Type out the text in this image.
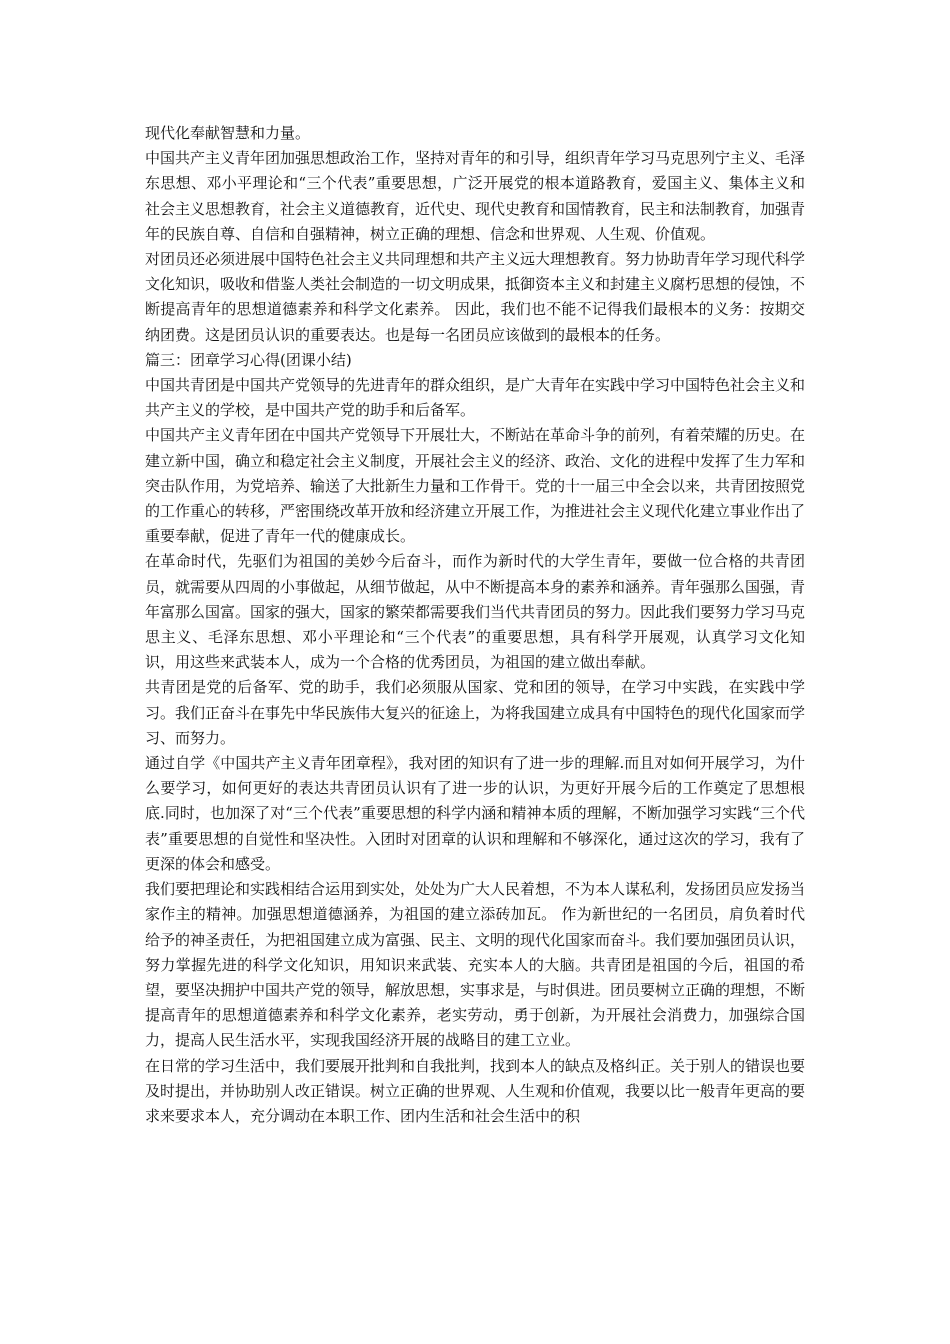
现代化奉献智慧和力量。

中国共产主义青年团加强思想政治工作，坚持对青年的和引导，组织青年学习马克思列宁主义、毛泽东思想、邓小平理论和“三个代表”重要思想，广泛开展党的根本道路教育，爱国主义、集体主义和社会主义思想教育，社会主义道德教育，近代史、现代史教育和国情教育，民主和法制教育，加强青年的民族自尊、自信和自强精神，树立正确的理想、信念和世界观、人生观、价值观。

对团员还必须进展中国特色社会主义共同理想和共产主义远大理想教育。努力协助青年学习现代科学文化知识，吸收和借鉴人类社会制造的一切文明成果，抵御资本主义和封建主义腐朽思想的侵蚀，不断提高青年的思想道德素养和科学文化素养。 因此，我们也不能不记得我们最根本的义务：按期交纳团费。这是团员认识的重要表达。也是每一名团员应该做到的最根本的任务。

篇三：团章学习心得(团课小结)

中国共青团是中国共产党领导的先进青年的群众组织，是广大青年在实践中学习中国特色社会主义和共产主义的学校，是中国共产党的助手和后备军。

中国共产主义青年团在中国共产党领导下开展壮大，不断站在革命斗争的前列，有着荣耀的历史。在建立新中国，确立和稳定社会主义制度，开展社会主义的经济、政治、文化的进程中发挥了生力军和突击队作用，为党培养、输送了大批新生力量和工作骨干。党的十一届三中全会以来，共青团按照党的工作重心的转移，严密围绕改革开放和经济建立开展工作，为推进社会主义现代化建立事业作出了重要奉献，促进了青年一代的健康成长。

在革命时代，先驱们为祖国的美妙今后奋斗，而作为新时代的大学生青年，要做一位合格的共青团员，就需要从四周的小事做起，从细节做起，从中不断提高本身的素养和涵养。青年强那么国强，青年富那么国富。国家的强大，国家的繁荣都需要我们当代共青团员的努力。因此我们要努力学习马克思主义、毛泽东思想、邓小平理论和“三个代表”的重要思想，具有科学开展观，认真学习文化知识，用这些来武装本人，成为一个合格的优秀团员，为祖国的建立做出奉献。

共青团是党的后备军、党的助手，我们必须服从国家、党和团的领导，在学习中实践，在实践中学习。我们正奋斗在事先中华民族伟大复兴的征途上，为将我国建立成具有中国特色的现代化国家而学习、而努力。

通过自学《中国共产主义青年团章程》，我对团的知识有了进一步的理解.而且对如何开展学习，为什么要学习，如何更好的表达共青团员认识有了进一步的认识，为更好开展今后的工作奠定了思想根底.同时，也加深了对“三个代表”重要思想的科学内涵和精神本质的理解，不断加强学习实践“三个代表”重要思想的自觉性和坚决性。入团时对团章的认识和理解和不够深化，通过这次的学习，我有了更深的体会和感受。

我们要把理论和实践相结合运用到实处，处处为广大人民着想，不为本人谋私利，发扬团员应发扬当家作主的精神。加强思想道德涵养，为祖国的建立添砖加瓦。 作为新世纪的一名团员，肩负着时代给予的神圣责任，为把祖国建立成为富强、民主、文明的现代化国家而奋斗。我们要加强团员认识，努力掌握先进的科学文化知识，用知识来武装、充实本人的大脑。共青团是祖国的今后，祖国的希望，要坚决拥护中国共产党的领导，解放思想，实事求是，与时俱进。团员要树立正确的理想，不断提高青年的思想道德素养和科学文化素养，老实劳动，勇于创新，为开展社会消费力，加强综合国力，提高人民生活水平，实现我国经济开展的战略目的建工立业。

在日常的学习生活中，我们要展开批判和自我批判，找到本人的缺点及格纠正。关于别人的错误也要及时提出，并协助别人改正错误。树立正确的世界观、人生观和价值观，我要以比一般青年更高的要求来要求本人，充分调动在本职工作、团内生活和社会生活中的积
